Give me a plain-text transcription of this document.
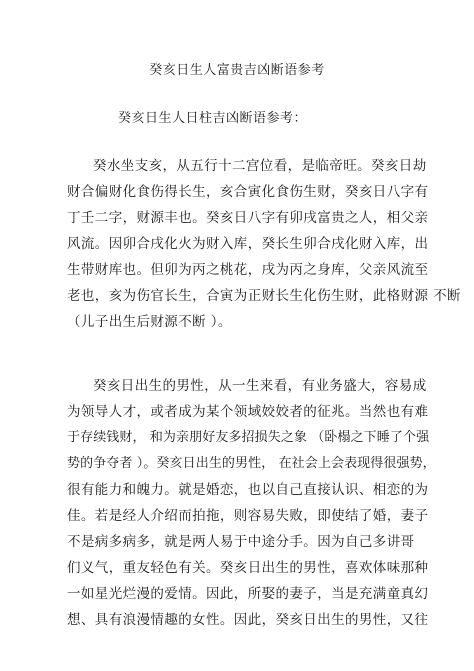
癸亥日生人富贵吉凶断语参考
癸亥日生人日柱吉凶断语参考：
癸水坐支亥，从五行十二宫位看，是临帝旺。癸亥日劫
财合偏财化食伤得长生，亥合寅化食伤生财，癸亥日八字有
丁壬二字，财源丰也。癸亥日八字有卯戌富贵之人，相父亲
风流。因卯合戌化火为财入库，癸长生卯合戌化财入库，出
生带财库也。但卯为丙之桃花，戌为丙之身库，父亲风流至
老也，亥为伤官长生，合寅为正财长生化伤生财，此格财源 不断
（儿子出生后财源不断 ）。
癸亥日出生的男性，从一生来看，有业务盛大，容易成
为领导人才，或者成为某个领域姣姣者的征兆。当然也有难
于存续钱财， 和为亲朋好友多招损失之象 （卧榻之下睡了个强
势的争夺者 ）。癸亥日出生的男性， 在社会上会表现得很强势，
很有能力和魄力。就是婚恋，也以自己直接认识、相恋的为
佳。若是经人介绍而拍拖，则容易失败，即使结了婚，妻子
不是病多病多，就是两人易于中途分手。因为自己多讲哥
们义气，重友轻色有关。癸亥日出生的男性，喜欢体味那种
一如星光烂漫的爱情。因此，所娶的妻子，当是充满童真幻
想、具有浪漫情趣的女性。因此，癸亥日出生的男性，又往
